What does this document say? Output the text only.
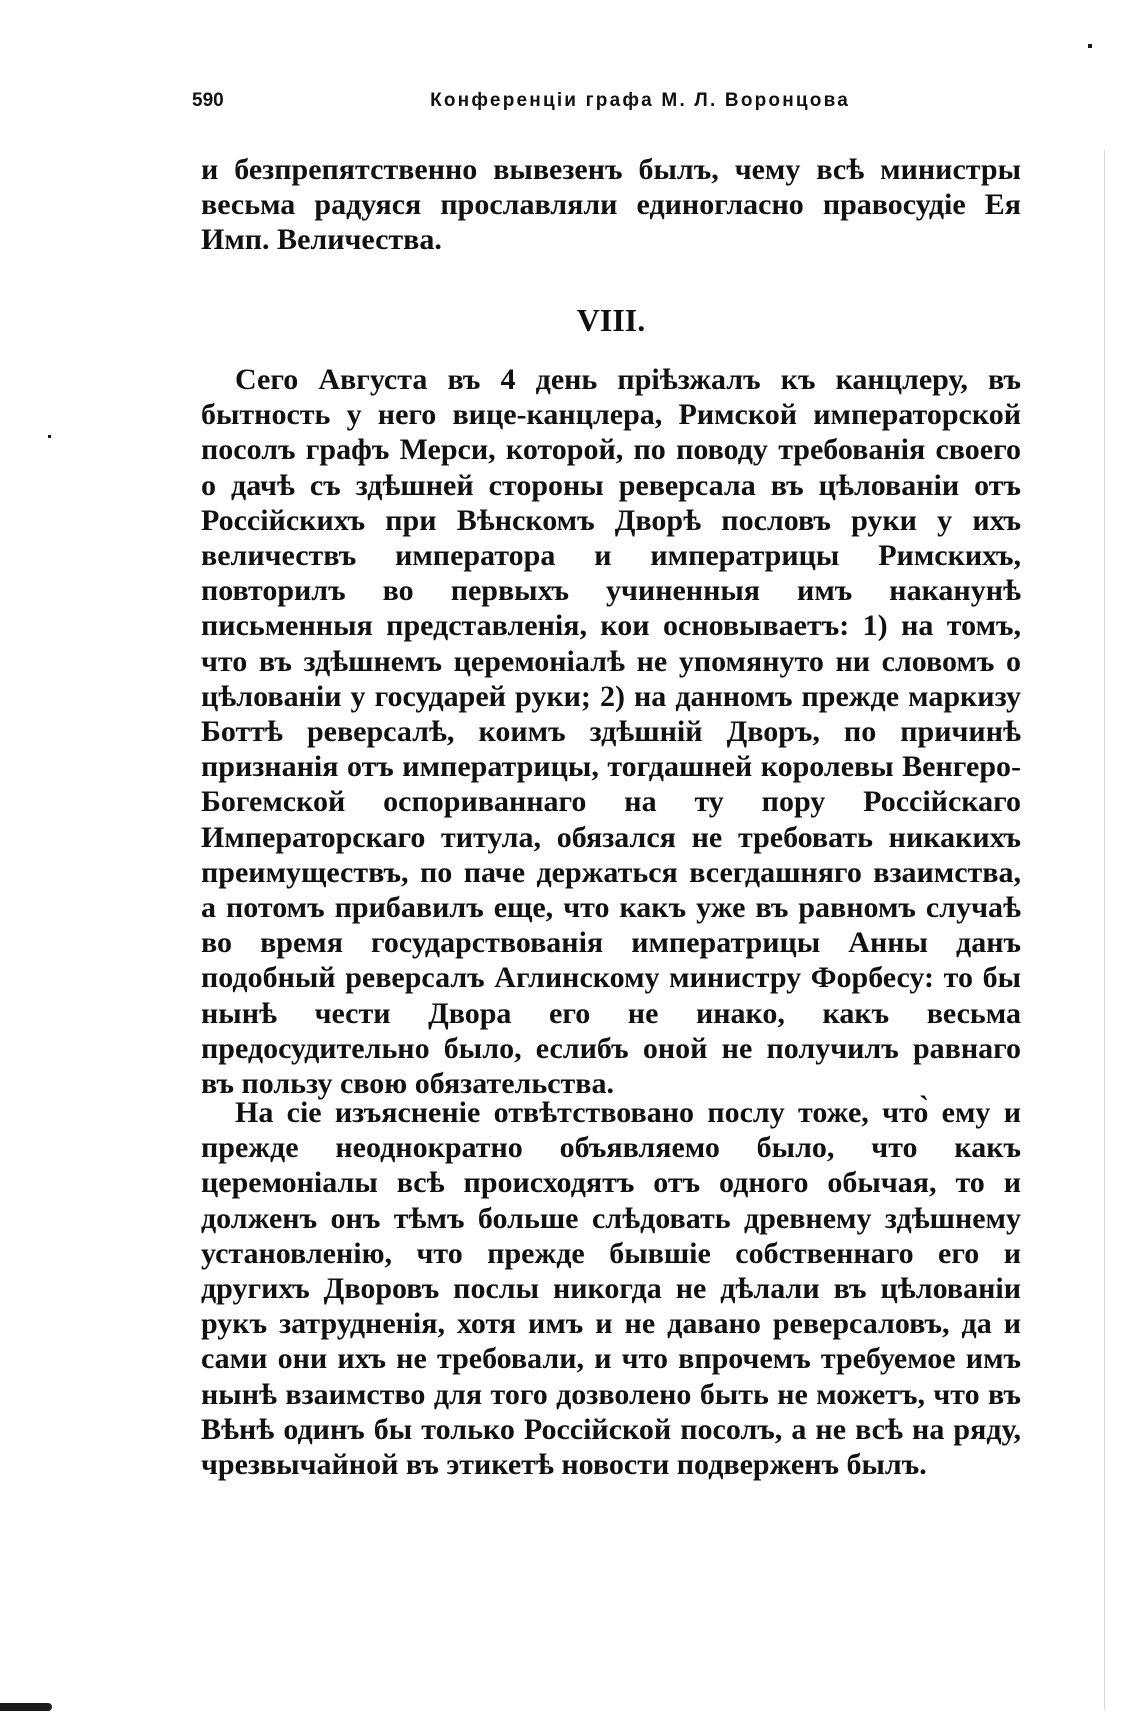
590	Конференціи графа М. Л. Воронцова

и безпрепятственно вывезенъ былъ, чему всѣ министры весьма радуяся прославляли единогласно правосудіе Ея Имп. Величества.

VIII.

Сего Августа въ 4 день пріѣзжалъ къ канцлеру, въ бытность у него вице-канцлера, Римской императорской посолъ графъ Мерси, которой, по поводу требованія своего о дачѣ съ здѣшней стороны реверсала въ цѣлованіи отъ Россійскихъ при Вѣнскомъ Дворѣ пословъ руки у ихъ величествъ императора и императрицы Римскихъ, повторилъ во первыхъ учиненныя имъ наканунѣ письменныя представленія, кои основываетъ: 1) на томъ, что въ здѣшнемъ церемоніалѣ не упомянуто ни словомъ о цѣлованіи у государей руки; 2) на данномъ прежде маркизу Боттѣ реверсалѣ, коимъ здѣшній Дворъ, по причинѣ признанія отъ императрицы, тогдашней королевы Венгеро-Богемской оспориваннаго на ту пору Россійскаго Императорскаго титула, обязался не требовать никакихъ преимуществъ, по паче держаться всегдашняго взаимства, а потомъ прибавилъ еще, что какъ уже въ равномъ случаѣ во время государствованія императрицы Анны данъ подобный реверсалъ Аглинскому министру Форбесу: то бы нынѣ чести Двора его не инако, какъ весьма предосудительно было, еслибъ оной не получилъ равнаго въ пользу свою обязательства.

На сіе изъясненіе отвѣтствовано послу тоже, что̀ ему и прежде неоднократно объявляемо было, что какъ церемоніалы всѣ происходятъ отъ одного обычая, то и долженъ онъ тѣмъ больше слѣдовать древнему здѣшнему установленію, что прежде бывшіе собственнаго его и другихъ Дворовъ послы никогда не дѣлали въ цѣлованіи рукъ затрудненія, хотя имъ и не давано реверсаловъ, да и сами они ихъ не требовали, и что впрочемъ требуемое имъ нынѣ взаимство для того дозволено быть не можетъ, что въ Вѣнѣ одинъ бы только Россійской посолъ, а не всѣ на ряду, чрезвычайной въ этикетѣ новости подверженъ былъ.
